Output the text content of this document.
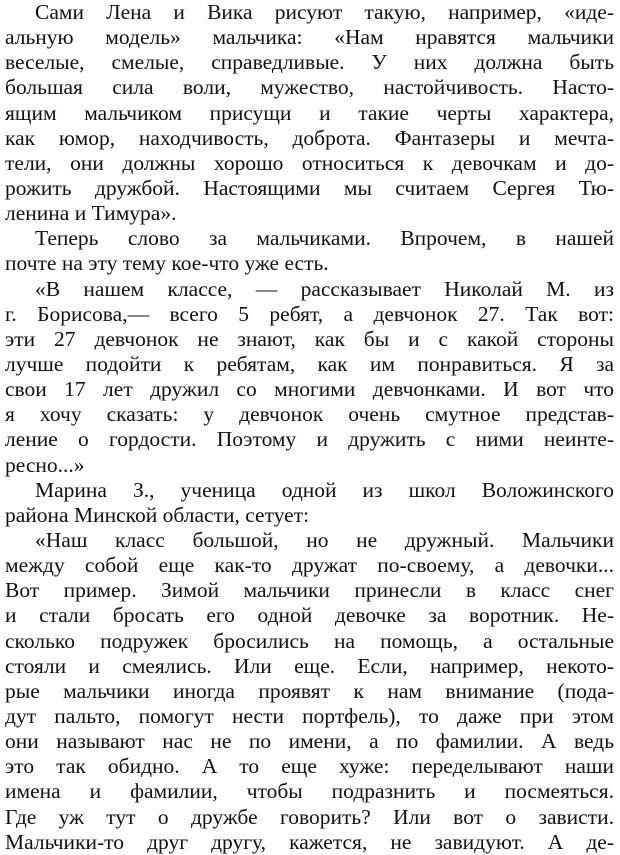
Сами Лена и Вика рисуют такую, например, «иде-
альную модель» мальчика: «Нам нравятся мальчики
веселые, смелые, справедливые. У них должна быть
большая сила воли, мужество, настойчивость. Насто-
ящим мальчиком присущи и такие черты характера,
как юмор, находчивость, доброта. Фантазеры и мечта-
тели, они должны хорошо относиться к девочкам и до-
рожить дружбой. Настоящими мы считаем Сергея Тю-
ленина и Тимура».
Теперь слово за мальчиками. Впрочем, в нашей
почте на эту тему кое-что уже есть.
«В нашем классе, — рассказывает Николай М. из
г. Борисова,— всего 5 ребят, а девчонок 27. Так вот:
эти 27 девчонок не знают, как бы и с какой стороны
лучше подойти к ребятам, как им понравиться. Я за
свои 17 лет дружил со многими девчонками. И вот что
я хочу сказать: у девчонок очень смутное представ-
ление о гордости. Поэтому и дружить с ними неинте-
ресно...»
Марина З., ученица одной из школ Воложинского
района Минской области, сетует:
«Наш класс большой, но не дружный. Мальчики
между собой еще как-то дружат по-своему, а девочки...
Вот пример. Зимой мальчики принесли в класс снег
и стали бросать его одной девочке за воротник. Не-
сколько подружек бросились на помощь, а остальные
стояли и смеялись. Или еще. Если, например, некото-
рые мальчики иногда проявят к нам внимание (пода-
дут пальто, помогут нести портфель), то даже при этом
они называют нас не по имени, а по фамилии. А ведь
это так обидно. А то еще хуже: переделывают наши
имена и фамилии, чтобы подразнить и посмеяться.
Где уж тут о дружбе говорить? Или вот о зависти.
Мальчики-то друг другу, кажется, не завидуют. А де-
